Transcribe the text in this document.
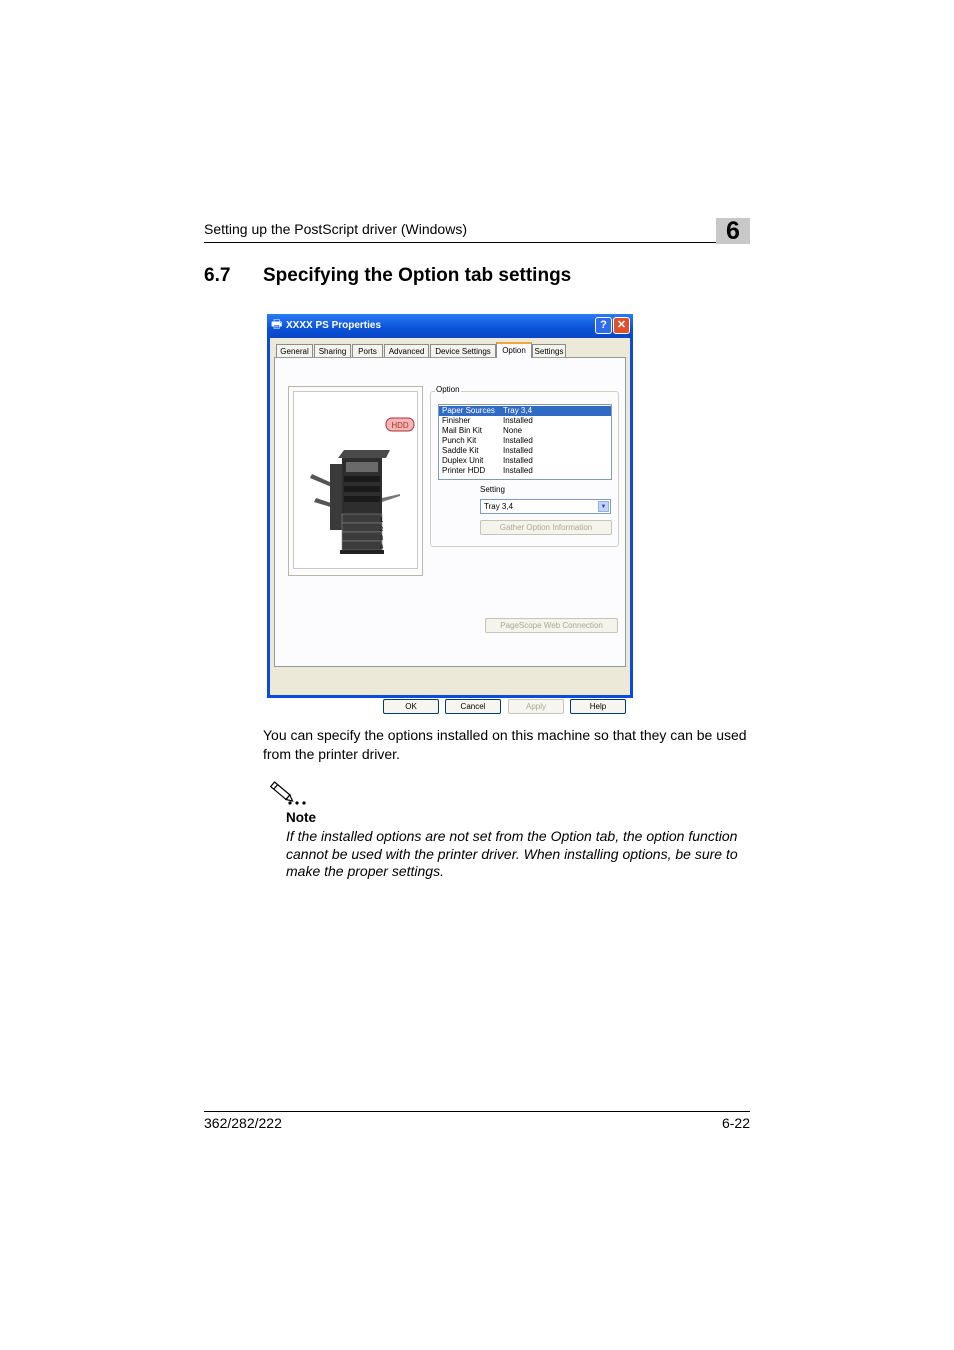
Setting up the PostScript driver (Windows)	6
6.7 Specifying the Option tab settings
🖶 XXXX PS Properties	? ✕
General	Sharing	Ports	Advanced	Device Settings	Option	Settings
HDD
1
2
3
4
Option
Paper Sources Tray 3,4
Finisher	Installed
Mail Bin Kit	None
Punch Kit	Installed
Saddle Kit	Installed
Duplex Unit Installed
Printer HDD Installed
Setting
Tray 3,4	▼
Gather Option Information
PageScope Web Connection
OK	Cancel	Apply	Help
You can specify the options installed on this machine so that they can be used from the printer driver.
Note
If the installed options are not set from the Option tab, the option function cannot be used with the printer driver. When installing options, be sure to make the proper settings.
362/282/222	6-22
